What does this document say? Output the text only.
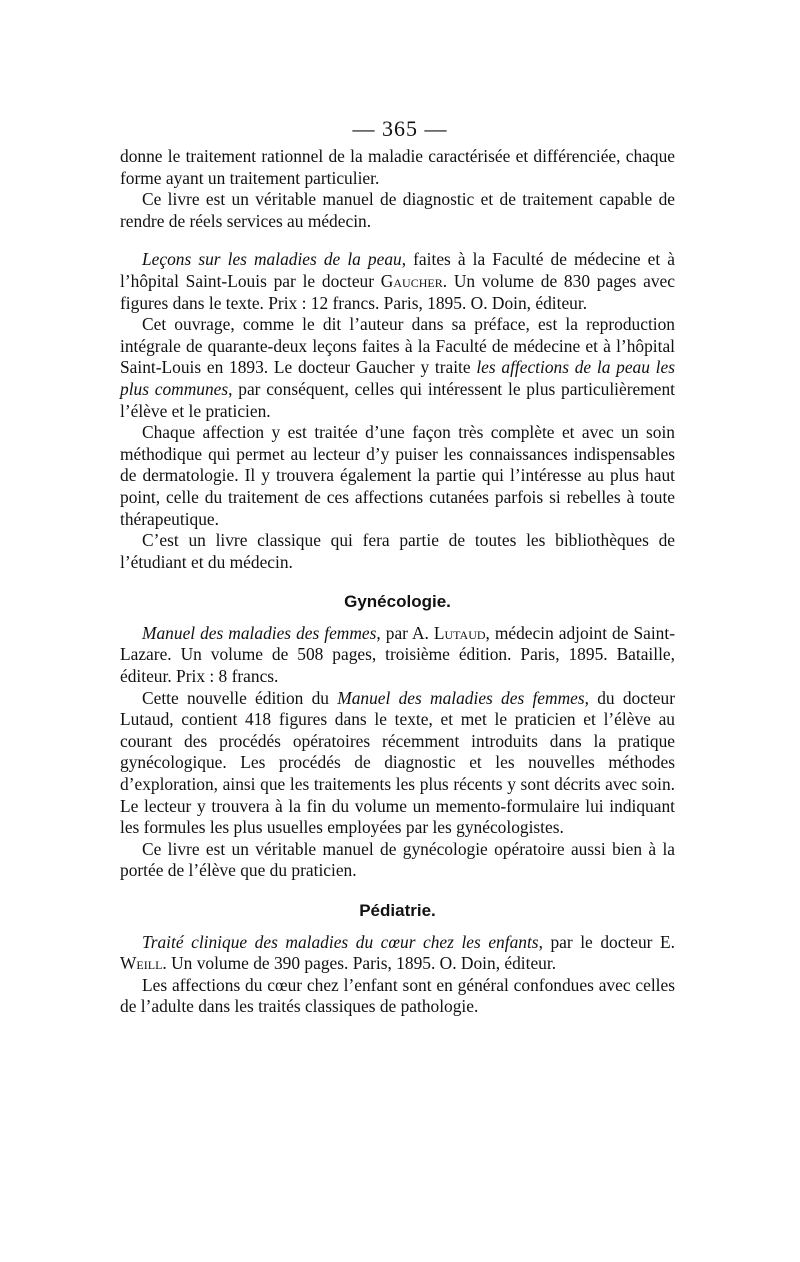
— 365 —

donne le traitement rationnel de la maladie caractérisée et différenciée, chaque forme ayant un traitement particulier.

Ce livre est un véritable manuel de diagnostic et de traitement capable de rendre de réels services au médecin.

Leçons sur les maladies de la peau, faites à la Faculté de médecine et à l’hôpital Saint-Louis par le docteur Gaucher. Un volume de 830 pages avec figures dans le texte. Prix : 12 francs. Paris, 1895. O. Doin, éditeur.

Cet ouvrage, comme le dit l’auteur dans sa préface, est la reproduction intégrale de quarante-deux leçons faites à la Faculté de médecine et à l’hôpital Saint-Louis en 1893. Le docteur Gaucher y traite les affections de la peau les plus communes, par conséquent, celles qui intéressent le plus particulièrement l’élève et le praticien.

Chaque affection y est traitée d’une façon très complète et avec un soin méthodique qui permet au lecteur d’y puiser les connaissances indispensables de dermatologie. Il y trouvera également la partie qui l’intéresse au plus haut point, celle du traitement de ces affections cutanées parfois si rebelles à toute thérapeutique.

C’est un livre classique qui fera partie de toutes les bibliothèques de l’étudiant et du médecin.

Gynécologie.

Manuel des maladies des femmes, par A. Lutaud, médecin adjoint de Saint-Lazare. Un volume de 508 pages, troisième édition. Paris, 1895. Bataille, éditeur. Prix : 8 francs.

Cette nouvelle édition du Manuel des maladies des femmes, du docteur Lutaud, contient 418 figures dans le texte, et met le praticien et l’élève au courant des procédés opératoires récemment introduits dans la pratique gynécologique. Les procédés de diagnostic et les nouvelles méthodes d’exploration, ainsi que les traitements les plus récents y sont décrits avec soin. Le lecteur y trouvera à la fin du volume un memento-formulaire lui indiquant les formules les plus usuelles employées par les gynécologistes.

Ce livre est un véritable manuel de gynécologie opératoire aussi bien à la portée de l’élève que du praticien.

Pédiatrie.

Traité clinique des maladies du cœur chez les enfants, par le docteur E. Weill. Un volume de 390 pages. Paris, 1895. O. Doin, éditeur.

Les affections du cœur chez l’enfant sont en général confondues avec celles de l’adulte dans les traités classiques de pathologie.
